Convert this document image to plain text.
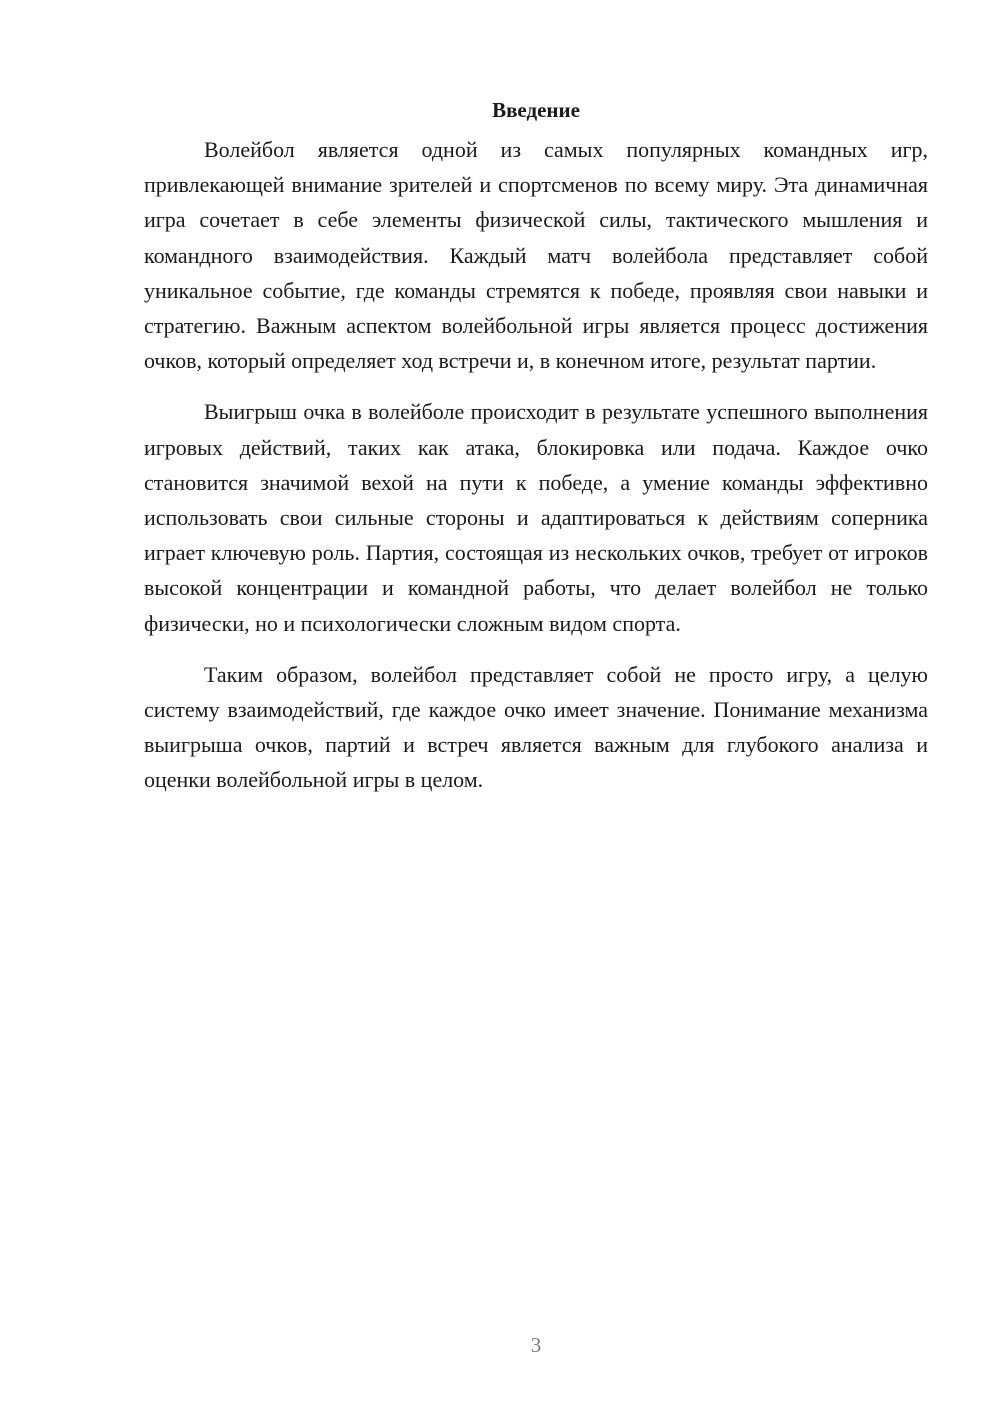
Введение

Волейбол является одной из самых популярных командных игр, привлекающей внимание зрителей и спортсменов по всему миру. Эта динамичная игра сочетает в себе элементы физической силы, тактического мышления и командного взаимодействия. Каждый матч волейбола представляет собой уникальное событие, где команды стремятся к победе, проявляя свои навыки и стратегию. Важным аспектом волейбольной игры является процесс достижения очков, который определяет ход встречи и, в конечном итоге, результат партии.

Выигрыш очка в волейболе происходит в результате успешного выполнения игровых действий, таких как атака, блокировка или подача. Каждое очко становится значимой вехой на пути к победе, а умение команды эффективно использовать свои сильные стороны и адаптироваться к действиям соперника играет ключевую роль. Партия, состоящая из нескольких очков, требует от игроков высокой концентрации и командной работы, что делает волейбол не только физически, но и психологически сложным видом спорта.

Таким образом, волейбол представляет собой не просто игру, а целую систему взаимодействий, где каждое очко имеет значение. Понимание механизма выигрыша очков, партий и встреч является важным для глубокого анализа и оценки волейбольной игры в целом.

3
